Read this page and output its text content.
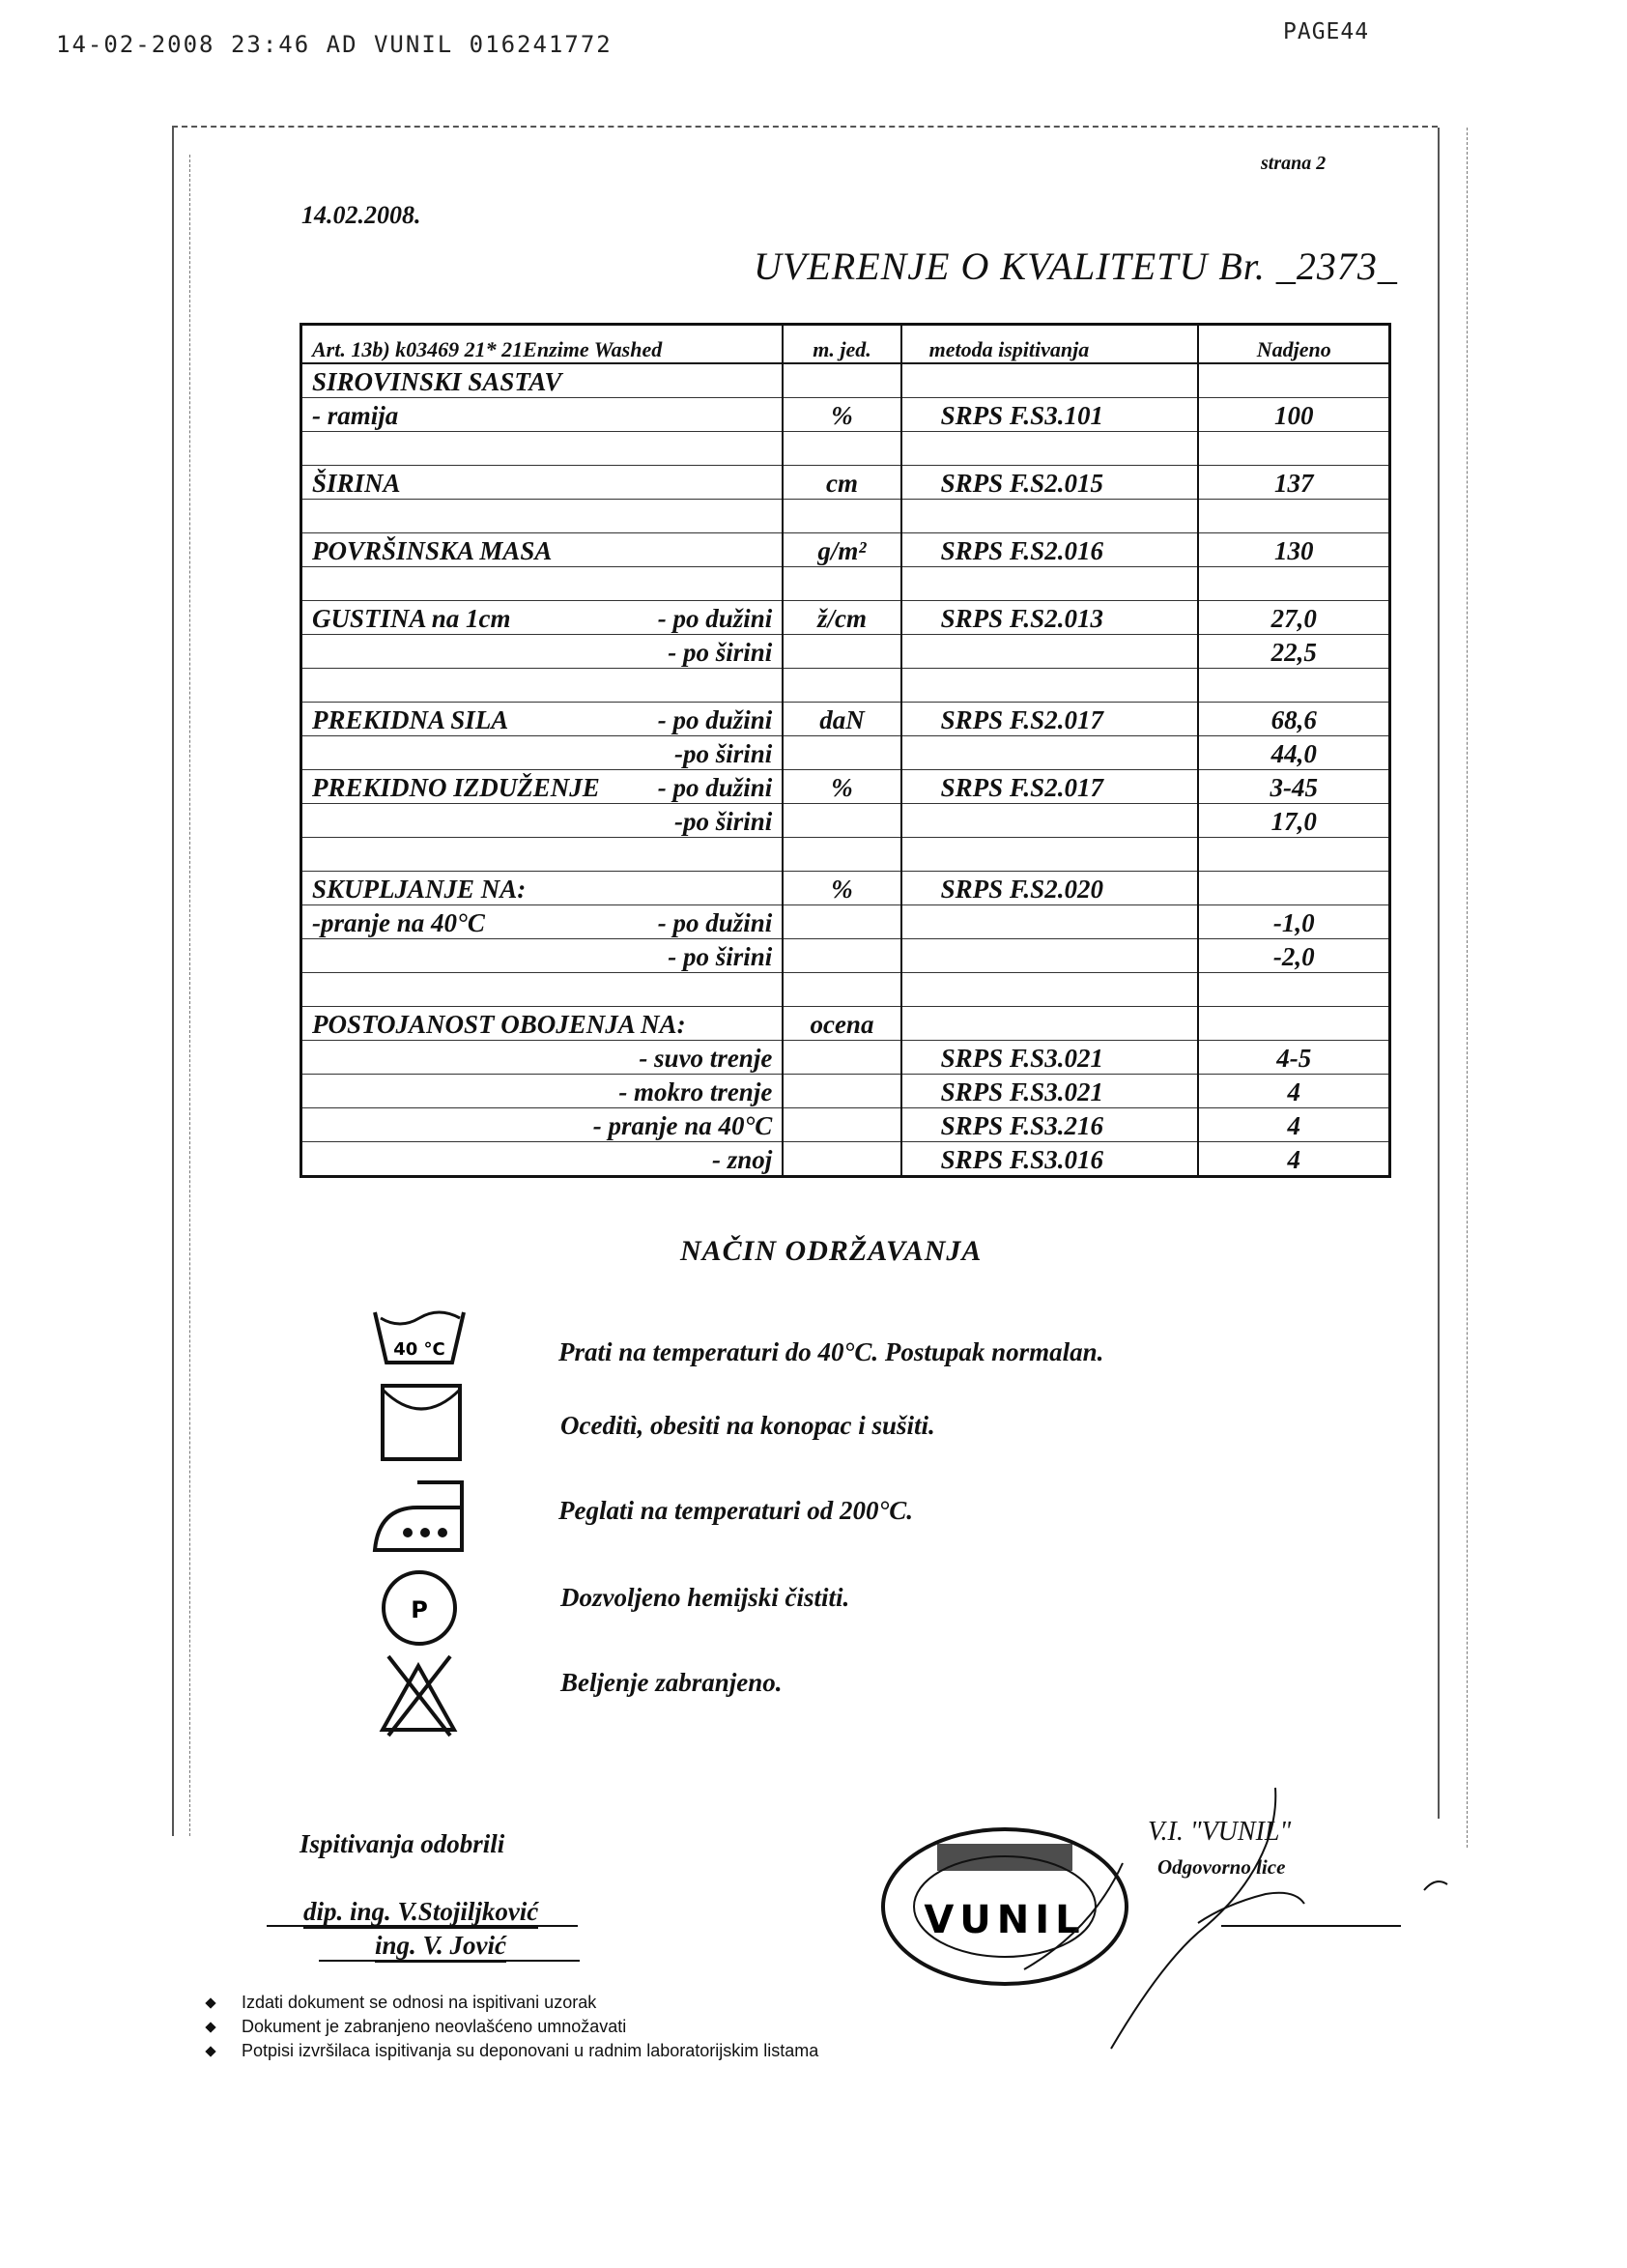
14-02-2008 23:46 AD VUNIL 016241772	PAGE44
strana 2
14.02.2008.
UVERENJE O KVALITETU Br. _2373_
Art. 13b) k03469 21* 21Enzime Washed	m. jed.	metoda ispitivanja	Nadjeno
SIROVINSKI SASTAV

- ramija	%	SRPS F.S3.101	100

ŠIRINA	cm	SRPS F.S2.015	137

POVRŠINSKA MASA	g/m²	SRPS F.S2.016	130

GUSTINA na 1cm - po dužini	ž/cm	SRPS F.S2.013	27,0

- po širini			22,5

PREKIDNA SILA - po dužini	daN	SRPS F.S2.017	68,6

-po širini			44,0
PREKIDNO IZDUŽENJE - po dužini	%	SRPS F.S2.017	3-45

-po širini			17,0

SKUPLJANJE NA:	%	SRPS F.S2.020	
-pranje na 40°C - po dužini			-1,0

- po širini			-2,0

POSTOJANOST OBOJENJA NA:	ocena		

- suvo trenje		SRPS F.S3.021	4-5

- mokro trenje		SRPS F.S3.021	4

- pranje na 40°C		SRPS F.S3.216	4

- znoj		SRPS F.S3.016	4
NAČIN ODRŽAVANJA
40 °C
P
Prati na temperaturi do 40°C. Postupak normalan.
Oceditì, obesiti na konopac i sušiti.
Peglati na temperaturi od 200°C.
Dozvoljeno hemijski čistiti.
Beljenje zabranjeno.
Ispitivanja odobrili
dip. ing. V.Stojiljković
ing. V. Jović
VUNIL
V.I. "VUNIL"
Odgovorno lice
Izdati dokument se odnosi na ispitivani uzorak
Dokument je zabranjeno neovlašćeno umnožavati
Potpisi izvršilaca ispitivanja su deponovani u radnim laboratorijskim listama
